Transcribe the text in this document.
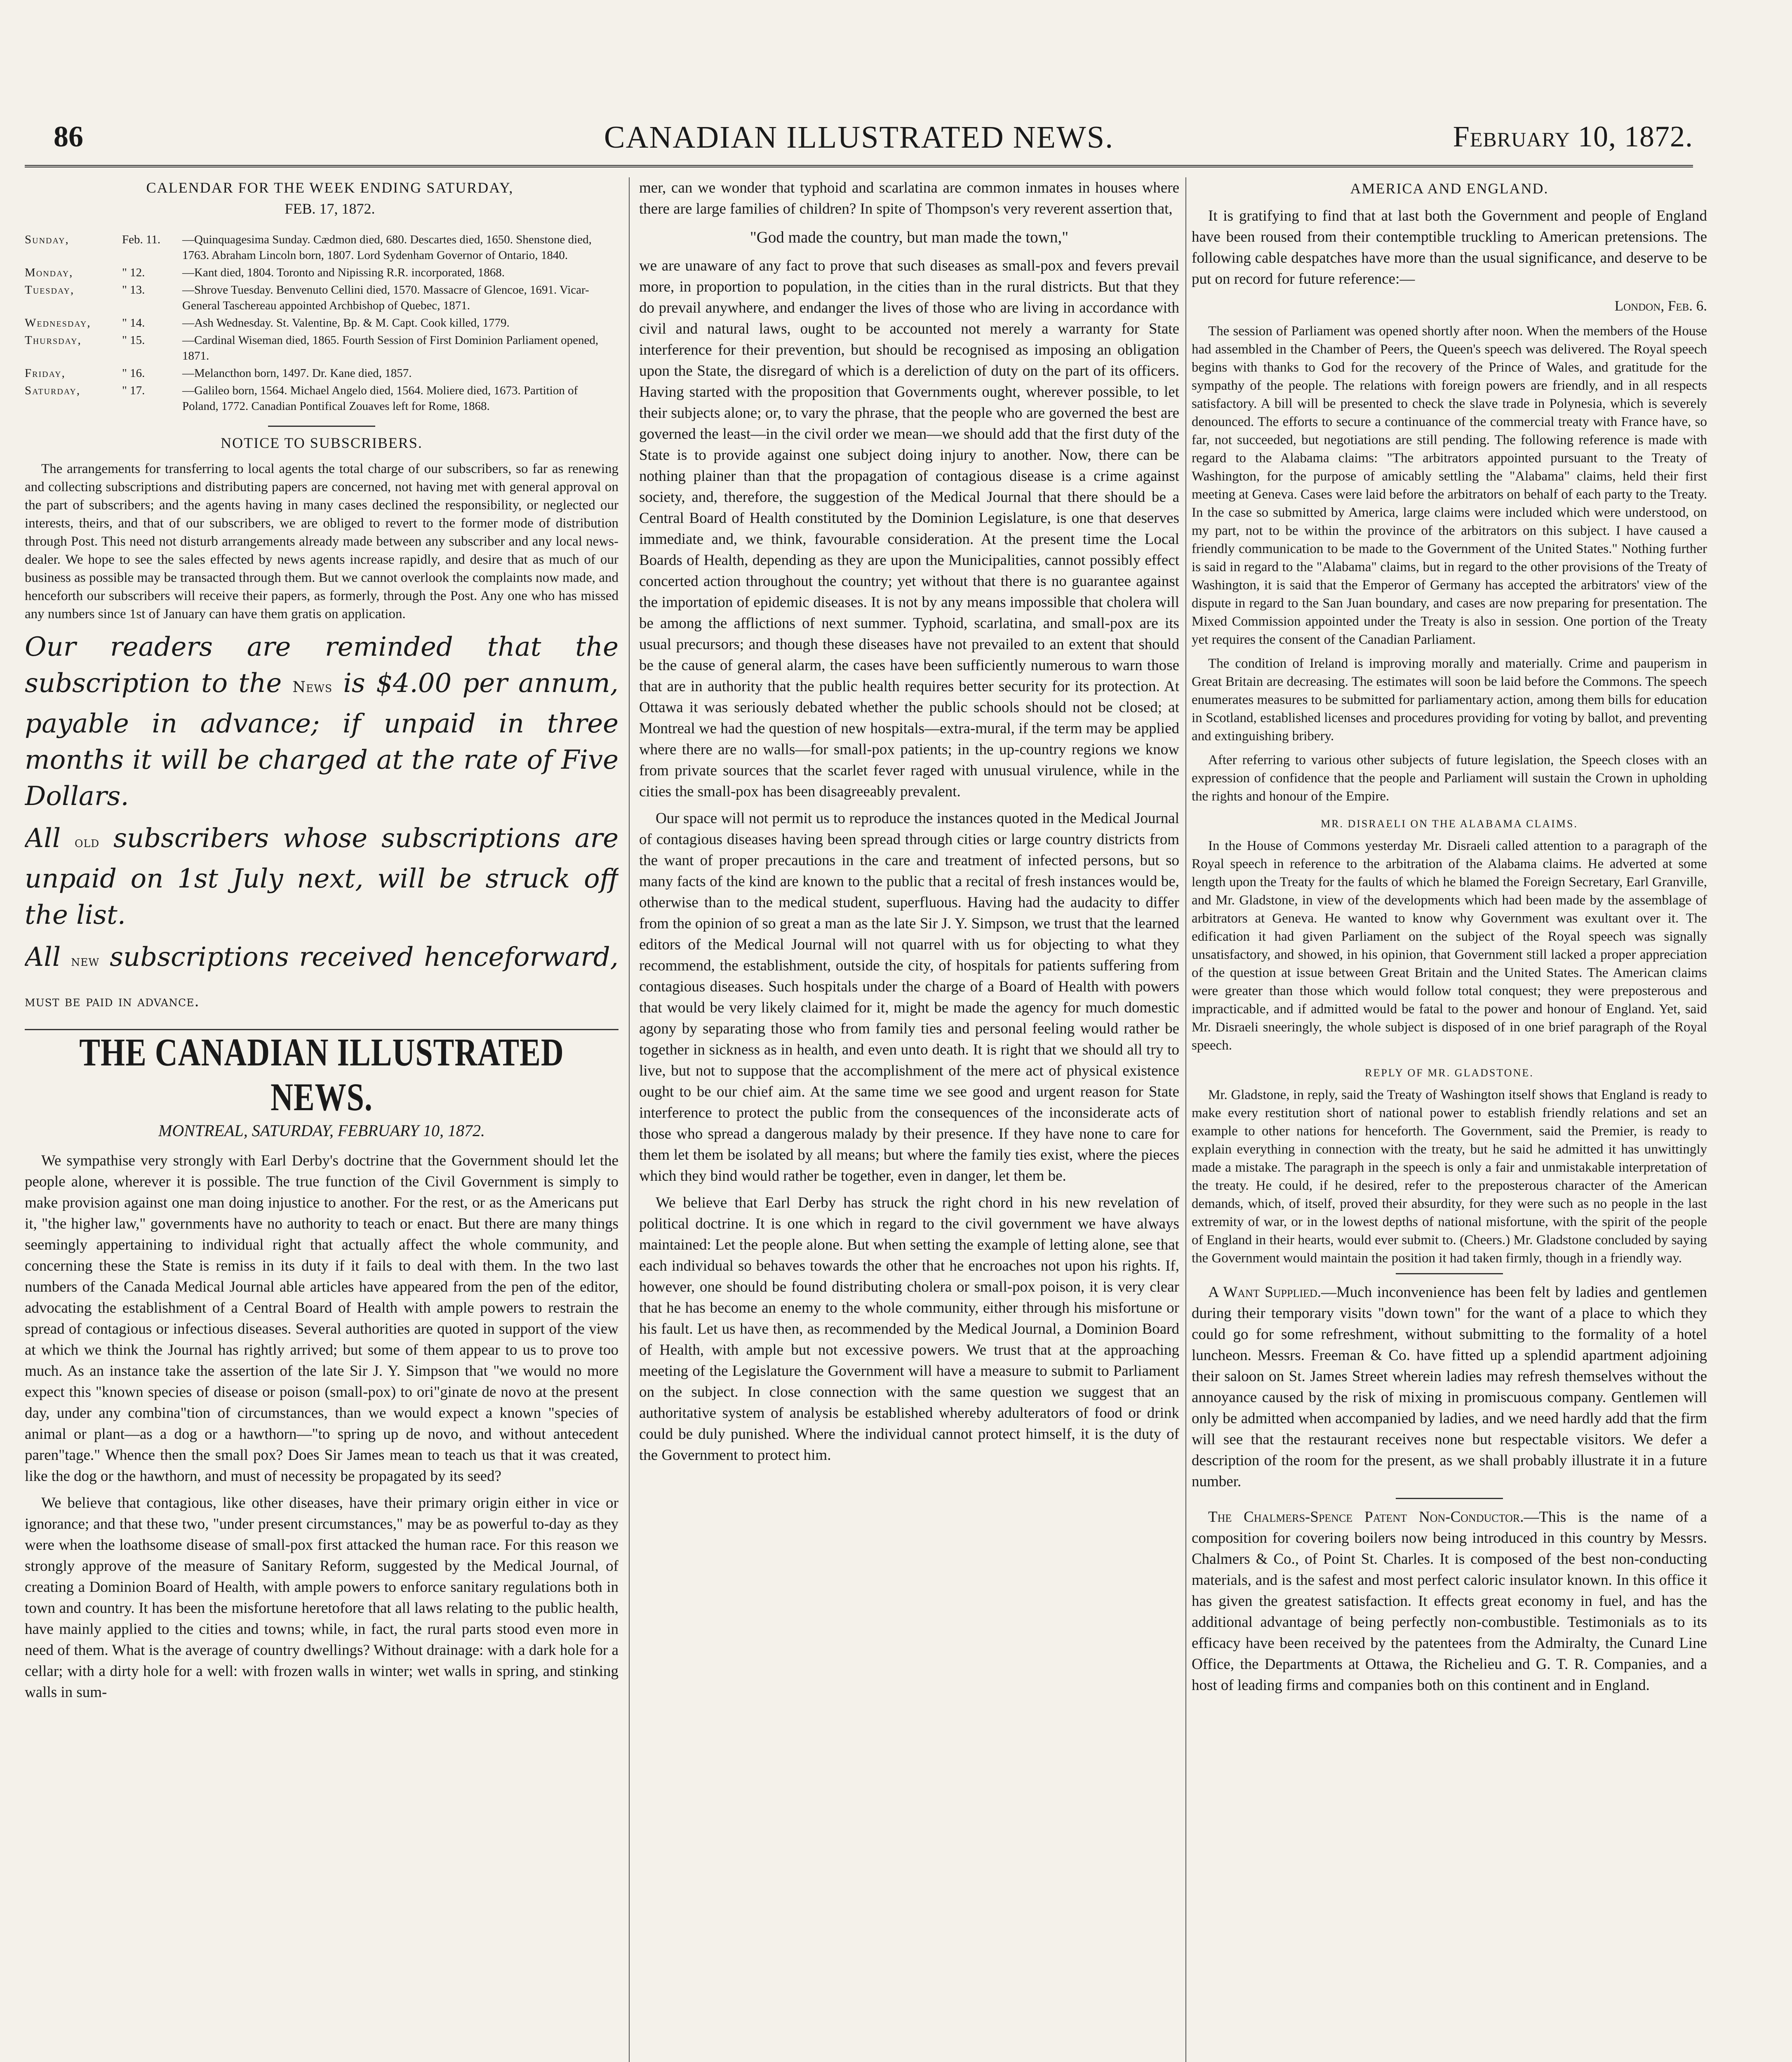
86	CANADIAN ILLUSTRATED NEWS.	February 10, 1872.

CALENDAR FOR THE WEEK ENDING SATURDAY,

FEB. 17, 1872.

Sunday,	Feb. 11.	—Quinquagesima Sunday. Cædmon died, 680. Descartes died, 1650. Shenstone died, 1763. Abraham Lincoln born, 1807. Lord Sydenham Governor of Ontario, 1840.
Monday,	" 12.	—Kant died, 1804. Toronto and Nipissing R.R. incorporated, 1868.
Tuesday,	" 13.	—Shrove Tuesday. Benvenuto Cellini died, 1570. Massacre of Glencoe, 1691. Vicar-General Taschereau appointed Archbishop of Quebec, 1871.
Wednesday,	" 14.	—Ash Wednesday. St. Valentine, Bp. & M. Capt. Cook killed, 1779.
Thursday,	" 15.	—Cardinal Wiseman died, 1865. Fourth Session of First Dominion Parliament opened, 1871.
Friday,	" 16.	—Melancthon born, 1497. Dr. Kane died, 1857.
Saturday,	" 17.	—Galileo born, 1564. Michael Angelo died, 1564. Moliere died, 1673. Partition of Poland, 1772. Canadian Pontifical Zouaves left for Rome, 1868.
NOTICE TO SUBSCRIBERS.

The arrangements for transferring to local agents the total charge of our subscribers, so far as renewing and collecting subscriptions and distributing papers are concerned, not having met with general approval on the part of subscribers; and the agents having in many cases declined the responsibility, or neglected our interests, theirs, and that of our subscribers, we are obliged to revert to the former mode of distribution through Post. This need not disturb arrangements already made between any subscriber and any local news-dealer. We hope to see the sales effected by news agents increase rapidly, and desire that as much of our business as possible may be transacted through them. But we cannot overlook the complaints now made, and henceforth our subscribers will receive their papers, as formerly, through the Post. Any one who has missed any numbers since 1st of January can have them gratis on application.

Our readers are reminded that the subscription to the News is $4.00 per annum, payable in advance; if unpaid in three months it will be charged at the rate of Five Dollars.

All old subscribers whose subscriptions are unpaid on 1st July next, will be struck off the list.

All new subscriptions received henceforward, must be paid in advance.

THE CANADIAN ILLUSTRATED NEWS.
MONTREAL, SATURDAY, FEBRUARY 10, 1872.

We sympathise very strongly with Earl Derby's doctrine that the Government should let the people alone, wherever it is possible. The true function of the Civil Government is simply to make provision against one man doing injustice to another. For the rest, or as the Americans put it, "the higher law," governments have no authority to teach or enact. But there are many things seemingly appertaining to individual right that actually affect the whole community, and concerning these the State is remiss in its duty if it fails to deal with them. In the two last numbers of the Canada Medical Journal able articles have appeared from the pen of the editor, advocating the establishment of a Central Board of Health with ample powers to restrain the spread of contagious or infectious diseases. Several authorities are quoted in support of the view at which we think the Journal has rightly arrived; but some of them appear to us to prove too much. As an instance take the assertion of the late Sir J. Y. Simpson that "we would no more expect this "known species of disease or poison (small-pox) to ori"ginate de novo at the present day, under any combina"tion of circumstances, than we would expect a known "species of animal or plant—as a dog or a hawthorn—"to spring up de novo, and without antecedent paren"tage." Whence then the small pox? Does Sir James mean to teach us that it was created, like the dog or the hawthorn, and must of necessity be propagated by its seed?

We believe that contagious, like other diseases, have their primary origin either in vice or ignorance; and that these two, "under present circumstances," may be as powerful to-day as they were when the loathsome disease of small-pox first attacked the human race. For this reason we strongly approve of the measure of Sanitary Reform, suggested by the Medical Journal, of creating a Dominion Board of Health, with ample powers to enforce sanitary regulations both in town and country. It has been the misfortune heretofore that all laws relating to the public health, have mainly applied to the cities and towns; while, in fact, the rural parts stood even more in need of them. What is the average of country dwellings? Without drainage: with a dark hole for a cellar; with a dirty hole for a well: with frozen walls in winter; wet walls in spring, and stinking walls in sum-

mer, can we wonder that typhoid and scarlatina are common inmates in houses where there are large families of children? In spite of Thompson's very reverent assertion that,

"God made the country, but man made the town,"

we are unaware of any fact to prove that such diseases as small-pox and fevers prevail more, in proportion to population, in the cities than in the rural districts. But that they do prevail anywhere, and endanger the lives of those who are living in accordance with civil and natural laws, ought to be accounted not merely a warranty for State interference for their prevention, but should be recognised as imposing an obligation upon the State, the disregard of which is a dereliction of duty on the part of its officers. Having started with the proposition that Governments ought, wherever possible, to let their subjects alone; or, to vary the phrase, that the people who are governed the best are governed the least—in the civil order we mean—we should add that the first duty of the State is to provide against one subject doing injury to another. Now, there can be nothing plainer than that the propagation of contagious disease is a crime against society, and, therefore, the suggestion of the Medical Journal that there should be a Central Board of Health constituted by the Dominion Legislature, is one that deserves immediate and, we think, favourable consideration. At the present time the Local Boards of Health, depending as they are upon the Municipalities, cannot possibly effect concerted action throughout the country; yet without that there is no guarantee against the importation of epidemic diseases. It is not by any means impossible that cholera will be among the afflictions of next summer. Typhoid, scarlatina, and small-pox are its usual precursors; and though these diseases have not prevailed to an extent that should be the cause of general alarm, the cases have been sufficiently numerous to warn those that are in authority that the public health requires better security for its protection. At Ottawa it was seriously debated whether the public schools should not be closed; at Montreal we had the question of new hospitals—extra-mural, if the term may be applied where there are no walls—for small-pox patients; in the up-country regions we know from private sources that the scarlet fever raged with unusual virulence, while in the cities the small-pox has been disagreeably prevalent.

Our space will not permit us to reproduce the instances quoted in the Medical Journal of contagious diseases having been spread through cities or large country districts from the want of proper precautions in the care and treatment of infected persons, but so many facts of the kind are known to the public that a recital of fresh instances would be, otherwise than to the medical student, superfluous. Having had the audacity to differ from the opinion of so great a man as the late Sir J. Y. Simpson, we trust that the learned editors of the Medical Journal will not quarrel with us for objecting to what they recommend, the establishment, outside the city, of hospitals for patients suffering from contagious diseases. Such hospitals under the charge of a Board of Health with powers that would be very likely claimed for it, might be made the agency for much domestic agony by separating those who from family ties and personal feeling would rather be together in sickness as in health, and even unto death. It is right that we should all try to live, but not to suppose that the accomplishment of the mere act of physical existence ought to be our chief aim. At the same time we see good and urgent reason for State interference to protect the public from the consequences of the inconsiderate acts of those who spread a dangerous malady by their presence. If they have none to care for them let them be isolated by all means; but where the family ties exist, where the pieces which they bind would rather be together, even in danger, let them be.

We believe that Earl Derby has struck the right chord in his new revelation of political doctrine. It is one which in regard to the civil government we have always maintained: Let the people alone. But when setting the example of letting alone, see that each individual so behaves towards the other that he encroaches not upon his rights. If, however, one should be found distributing cholera or small-pox poison, it is very clear that he has become an enemy to the whole community, either through his misfortune or his fault. Let us have then, as recommended by the Medical Journal, a Dominion Board of Health, with ample but not excessive powers. We trust that at the approaching meeting of the Legislature the Government will have a measure to submit to Parliament on the subject. In close connection with the same question we suggest that an authoritative system of analysis be established whereby adulterators of food or drink could be duly punished. Where the individual cannot protect himself, it is the duty of the Government to protect him.

AMERICA AND ENGLAND.

It is gratifying to find that at last both the Government and people of England have been roused from their contemptible truckling to American pretensions. The following cable despatches have more than the usual significance, and deserve to be put on record for future reference:—

London, Feb. 6.

The session of Parliament was opened shortly after noon. When the members of the House had assembled in the Chamber of Peers, the Queen's speech was delivered. The Royal speech begins with thanks to God for the recovery of the Prince of Wales, and gratitude for the sympathy of the people. The relations with foreign powers are friendly, and in all respects satisfactory. A bill will be presented to check the slave trade in Polynesia, which is severely denounced. The efforts to secure a continuance of the commercial treaty with France have, so far, not succeeded, but negotiations are still pending. The following reference is made with regard to the Alabama claims: "The arbitrators appointed pursuant to the Treaty of Washington, for the purpose of amicably settling the "Alabama" claims, held their first meeting at Geneva. Cases were laid before the arbitrators on behalf of each party to the Treaty. In the case so submitted by America, large claims were included which were understood, on my part, not to be within the province of the arbitrators on this subject. I have caused a friendly communication to be made to the Government of the United States." Nothing further is said in regard to the "Alabama" claims, but in regard to the other provisions of the Treaty of Washington, it is said that the Emperor of Germany has accepted the arbitrators' view of the dispute in regard to the San Juan boundary, and cases are now preparing for presentation. The Mixed Commission appointed under the Treaty is also in session. One portion of the Treaty yet requires the consent of the Canadian Parliament.

The condition of Ireland is improving morally and materially. Crime and pauperism in Great Britain are decreasing. The estimates will soon be laid before the Commons. The speech enumerates measures to be submitted for parliamentary action, among them bills for education in Scotland, established licenses and procedures providing for voting by ballot, and preventing and extinguishing bribery.

After referring to various other subjects of future legislation, the Speech closes with an expression of confidence that the people and Parliament will sustain the Crown in upholding the rights and honour of the Empire.

MR. DISRAELI ON THE ALABAMA CLAIMS.

In the House of Commons yesterday Mr. Disraeli called attention to a paragraph of the Royal speech in reference to the arbitration of the Alabama claims. He adverted at some length upon the Treaty for the faults of which he blamed the Foreign Secretary, Earl Granville, and Mr. Gladstone, in view of the developments which had been made by the assemblage of arbitrators at Geneva. He wanted to know why Government was exultant over it. The edification it had given Parliament on the subject of the Royal speech was signally unsatisfactory, and showed, in his opinion, that Government still lacked a proper appreciation of the question at issue between Great Britain and the United States. The American claims were greater than those which would follow total conquest; they were preposterous and impracticable, and if admitted would be fatal to the power and honour of England. Yet, said Mr. Disraeli sneeringly, the whole subject is disposed of in one brief paragraph of the Royal speech.

REPLY OF MR. GLADSTONE.

Mr. Gladstone, in reply, said the Treaty of Washington itself shows that England is ready to make every restitution short of national power to establish friendly relations and set an example to other nations for henceforth. The Government, said the Premier, is ready to explain everything in connection with the treaty, but he said he admitted it has unwittingly made a mistake. The paragraph in the speech is only a fair and unmistakable interpretation of the treaty. He could, if he desired, refer to the preposterous character of the American demands, which, of itself, proved their absurdity, for they were such as no people in the last extremity of war, or in the lowest depths of national misfortune, with the spirit of the people of England in their hearts, would ever submit to. (Cheers.) Mr. Gladstone concluded by saying the Government would maintain the position it had taken firmly, though in a friendly way.

A Want Supplied.—Much inconvenience has been felt by ladies and gentlemen during their temporary visits "down town" for the want of a place to which they could go for some refreshment, without submitting to the formality of a hotel luncheon. Messrs. Freeman & Co. have fitted up a splendid apartment adjoining their saloon on St. James Street wherein ladies may refresh themselves without the annoyance caused by the risk of mixing in promiscuous company. Gentlemen will only be admitted when accompanied by ladies, and we need hardly add that the firm will see that the restaurant receives none but respectable visitors. We defer a description of the room for the present, as we shall probably illustrate it in a future number.

The Chalmers-Spence Patent Non-Conductor.—This is the name of a composition for covering boilers now being introduced in this country by Messrs. Chalmers & Co., of Point St. Charles. It is composed of the best non-conducting materials, and is the safest and most perfect caloric insulator known. In this office it has given the greatest satisfaction. It effects great economy in fuel, and has the additional advantage of being perfectly non-combustible. Testimonials as to its efficacy have been received by the patentees from the Admiralty, the Cunard Line Office, the Departments at Ottawa, the Richelieu and G. T. R. Companies, and a host of leading firms and companies both on this continent and in England.
